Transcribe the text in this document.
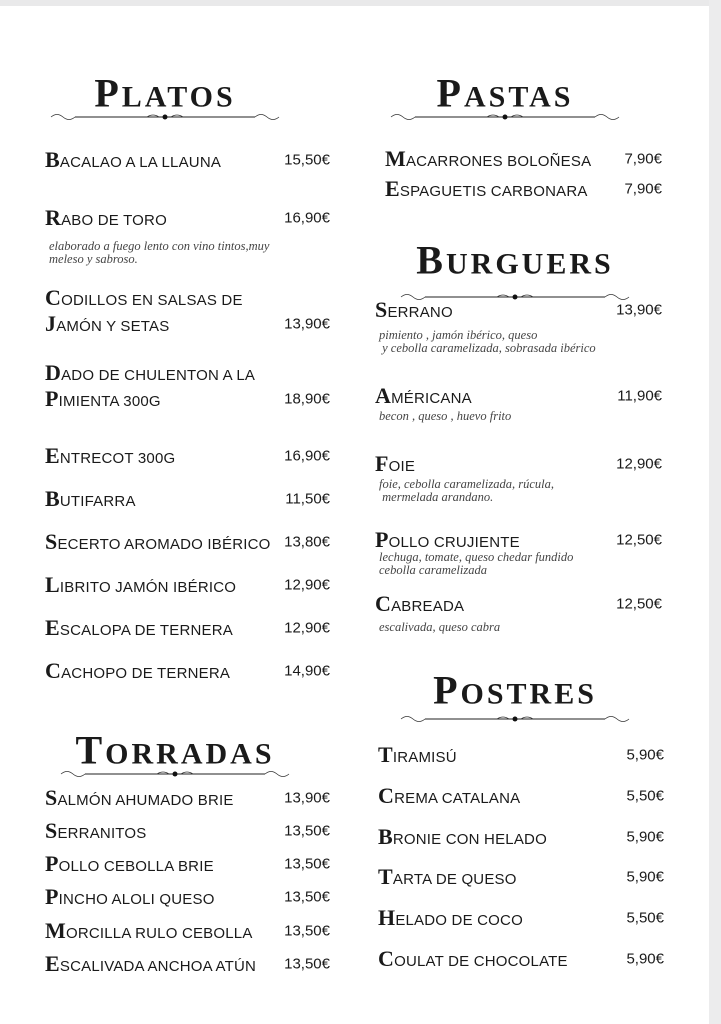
PLATOS
BACALAO A LA LLAUNA	15,50€
RABO DE TORO	16,90€
elaborado a fuego lento con vino tintos,muy
meleso y sabroso.
CODILLOS EN SALSAS DE
JAMÓN Y SETAS	13,90€
DADO DE CHULENTON A LA
PIMIENTA 300G	18,90€
ENTRECOT 300G	16,90€
BUTIFARRA	11,50€
SECERTO AROMADO IBÉRICO 13,80€
LIBRITO JAMÓN IBÉRICO	12,90€
ESCALOPA DE TERNERA	12,90€
CACHOPO DE TERNERA	14,90€
TORRADAS
SALMÓN AHUMADO BRIE	13,90€
SERRANITOS	13,50€
POLLO CEBOLLA BRIE	13,50€
PINCHO ALOLI QUESO	13,50€
MORCILLA RULO CEBOLLA	13,50€
ESCALIVADA ANCHOA ATÚN	13,50€
PASTAS
MACARRONES BOLOÑESA	7,90€
ESPAGUETIS CARBONARA	7,90€
BURGUERS
SERRANO	13,90€
pimiento , jamón ibérico, queso
y cebolla caramelizada, sobrasada ibérico
AMÉRICANA	11,90€
becon , queso , huevo frito
FOIE	12,90€
foie, cebolla caramelizada, rúcula,
mermelada arandano.
POLLO CRUJIENTE	12,50€
lechuga, tomate, queso chedar fundido
cebolla caramelizada
CABREADA	12,50€
escalivada, queso cabra
POSTRES
TIRAMISÚ	5,90€
CREMA CATALANA	5,50€
BRONIE CON HELADO	5,90€
TARTA DE QUESO	5,90€
HELADO DE COCO	5,50€
COULAT DE CHOCOLATE	5,90€
